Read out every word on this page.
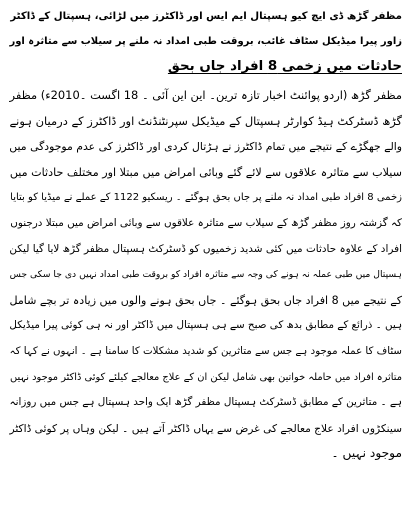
مظفر گڑھ ڈی ایچ کیو ہسپتال ایم ایس اور ڈاکٹرز میں لڑائی، ہسپتال کے ڈاکٹر

زاور پیرا میڈیکل سٹاف غائب، بروقت طبی امداد نہ ملنے پر سیلاب سے متاثرہ اور

حادثات میں زخمی 8 افراد جاں بحق

مظفر گڑھ (اردو پوائنٹ اخبار تازہ ترین۔ این این آئی ۔ 18 اگست ۔2010ء) مظفر

گڑھ ڈسٹرکٹ ہیڈ کوارٹر ہسپتال کے میڈیکل سپرنٹنڈنٹ اور ڈاکٹرز کے درمیان ہونے

والے جھگڑے کے نتیجے میں تمام ڈاکٹرز نے ہڑتال کردی اور ڈاکٹرز کی عدم موجودگی میں

سیلاب سے متاثرہ علاقوں سے لائے گئے وبائی امراض میں مبتلا اور مختلف حادثات میں

زخمی 8 افراد طبی امداد نہ ملنے پر جاں بحق ہوگئے ۔ ریسکیو 1122 کے عملے نے میڈیا کو بتایا

کہ گزشتہ روز مظفر گڑھ کے سیلاب سے متاثرہ علاقوں سے وبائی امراض میں مبتلا درجنوں

افراد کے علاوہ حادثات میں کئی شدید زخمیوں کو ڈسٹرکٹ ہسپتال مظفر گڑھ لایا گیا لیکن

ہسپتال میں طبی عملہ نہ ہونے کی وجہ سے متاثرہ افراد کو بروقت طبی امداد نہیں دی جا سکی جس

کے نتیجے میں 8 افراد جاں بحق ہوگئے ۔ جاں بحق ہونے والوں میں زیادہ تر بچے شامل

ہیں ۔ ذرائع کے مطابق بدھ کی صبح سے ہی ہسپتال میں ڈاکٹر اور نہ ہی کوئی پیرا میڈیکل

سٹاف کا عملہ موجود ہے جس سے متاثرین کو شدید مشکلات کا سامنا ہے ۔ انہوں نے کہا کہ

متاثرہ افراد میں حاملہ خواتین بھی شامل لیکن ان کے علاج معالجے کیلئے کوئی ڈاکٹر موجود نہیں

ہے ۔ متاثرین کے مطابق ڈسٹرکٹ ہسپتال مظفر گڑھ ایک واحد ہسپتال ہے جس میں روزانہ

سینکڑوں افراد علاج معالجے کی غرض سے یہاں ڈاکٹر آتے ہیں ۔ لیکن وہاں پر کوئی ڈاکٹر

موجود نہیں ۔
